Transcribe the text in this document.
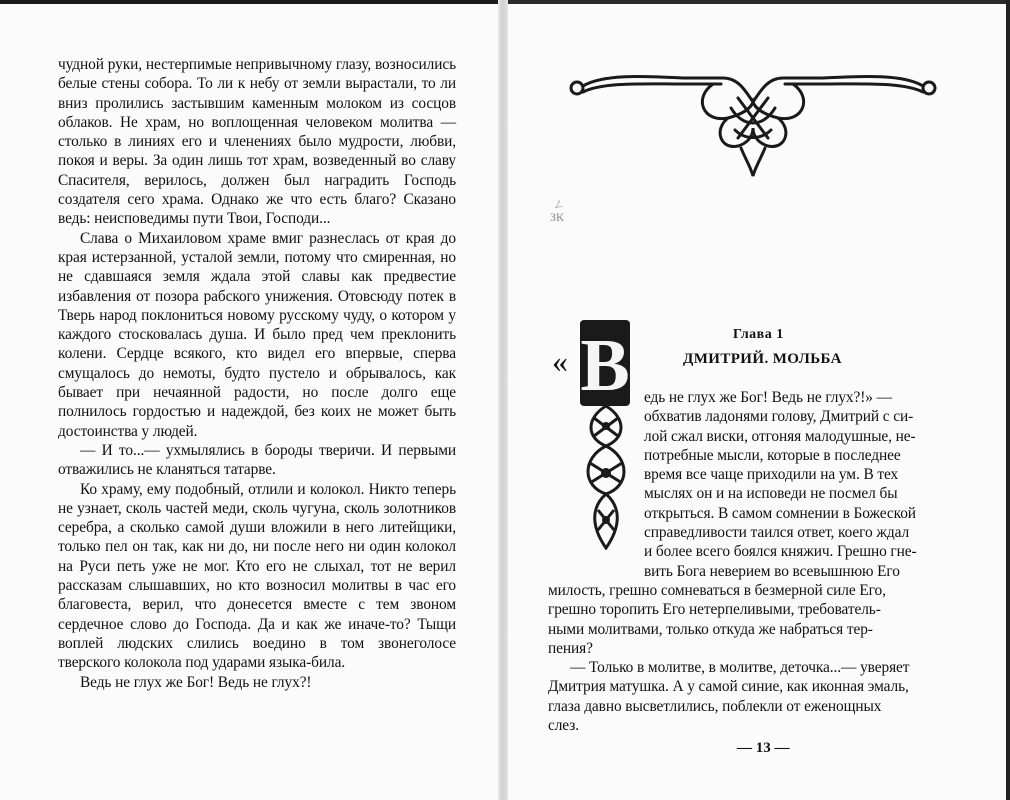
чудной руки, нестерпимые непривычному глазу, возносились белые стены собора. То ли к небу от земли вырастали, то ли вниз пролились застывшим каменным молоком из сосцов облаков. Не храм, но воплощенная человеком молитва — столько в линиях его и членениях было мудрости, любви, покоя и веры. За один лишь тот храм, возведенный во славу Спасителя, верилось, должен был наградить Господь создателя сего храма. Однако же что есть благо? Сказано ведь: неисповедимы пути Твои, Господи...

Слава о Михаиловом храме вмиг разнеслась от края до края истерзанной, усталой земли, потому что смиренная, но не сдавшаяся земля ждала этой славы как предвестие избавления от позора рабского унижения. Отовсюду потек в Тверь народ поклониться новому русскому чуду, о котором у каждого стосковалась душа. И было пред чем преклонить колени. Сердце всякого, кто видел его впервые, сперва смущалось до немоты, будто пустело и обрывалось, как бывает при нечаянной радости, но после долго еще полнилось гордостью и надеждой, без коих не может быть достоинства у людей.

— И то...— ухмылялись в бороды тверичи. И первыми отважились не кланяться татарве.

Ко храму, ему подобный, отлили и колокол. Никто теперь не узнает, сколь частей меди, сколь чугуна, сколь золотников серебра, а сколько самой души вложили в него литейщики, только пел он так, как ни до, ни после него ни один колокол на Руси петь уже не мог. Кто его не слыхал, тот не верил рассказам слышавших, но кто возносил молитвы в час его благовеста, верил, что донесется вместе с тем звоном сердечное слово до Господа. Да и как же иначе-то? Тыщи воплей людских слились воедино в том звонеголосе тверского колокола под ударами языка-била.

Ведь не глух же Бог! Ведь не глух?!

ㄥ
ЗК
Глава 1
ДМИТРИЙ. МОЛЬБА
« В едь не глух же Бог! Ведь не глух?!» —
обхватив ладонями голову, Дмитрий с си-
лой сжал виски, отгоняя малодушные, не-
потребные мысли, которые в последнее
время все чаще приходили на ум. В тех
мыслях он и на исповеди не посмел бы
открыться. В самом сомнении в Божеской
справедливости таился ответ, коего ждал
и более всего боялся княжич. Грешно гне-
вить Бога неверием во всевышнюю Его
милость, грешно сомневаться в безмерной силе Его,
грешно торопить Его нетерпеливыми, требователь-
ными молитвами, только откуда же набраться тер-
пения?
— Только в молитве, в молитве, деточка...— уверяет
Дмитрия матушка. А у самой синие, как иконная эмаль,
глаза давно высветлились, поблекли от еженощных
слез.
— 13 —
